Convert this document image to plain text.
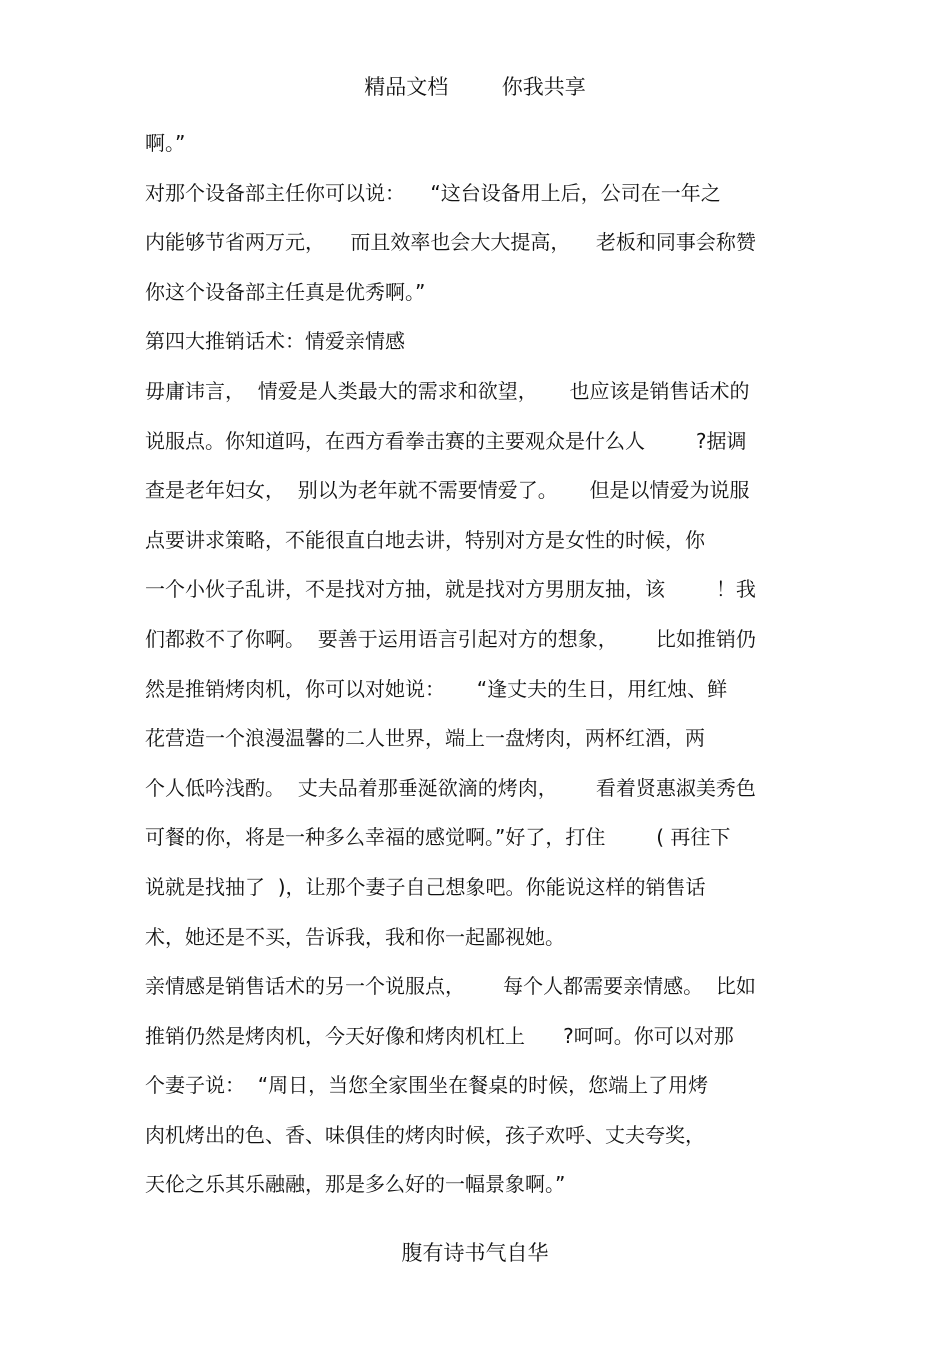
精品文档	你我共享
啊。”
对那个设备部主任你可以说：    “这台设备用上后，公司在一年之
内能够节省两万元，    而且效率也会大大提高，    老板和同事会称赞
你这个设备部主任真是优秀啊。”
第四大推销话术：情爱亲情感
毋庸讳言，  情爱是人类最大的需求和欲望，     也应该是销售话术的
说服点。你知道吗，在西方看拳击赛的主要观众是什么人        ?据调
查是老年妇女，  别以为老年就不需要情爱了。     但是以情爱为说服
点要讲求策略，不能很直白地去讲，特别对方是女性的时候，你
一个小伙子乱讲，不是找对方抽，就是找对方男朋友抽，该        ！我
们都救不了你啊。  要善于运用语言引起对方的想象，      比如推销仍
然是推销烤肉机，你可以对她说：     “逢丈夫的生日，用红烛、鲜
花营造一个浪漫温馨的二人世界，端上一盘烤肉，两杯红酒，两
个人低吟浅酌。  丈夫品着那垂涎欲滴的烤肉，      看着贤惠淑美秀色
可餐的你，将是一种多么幸福的感觉啊。”好了，打住        ( 再往下
说就是找抽了  )，让那个妻子自己想象吧。你能说这样的销售话
术，她还是不买，告诉我，我和你一起鄙视她。
亲情感是销售话术的另一个说服点，      每个人都需要亲情感。  比如
推销仍然是烤肉机，今天好像和烤肉机杠上      ?呵呵。你可以对那
个妻子说：  “周日，当您全家围坐在餐桌的时候，您端上了用烤
肉机烤出的色、香、味俱佳的烤肉时候，孩子欢呼、丈夫夸奖，
天伦之乐其乐融融，那是多么好的一幅景象啊。”
腹有诗书气自华
